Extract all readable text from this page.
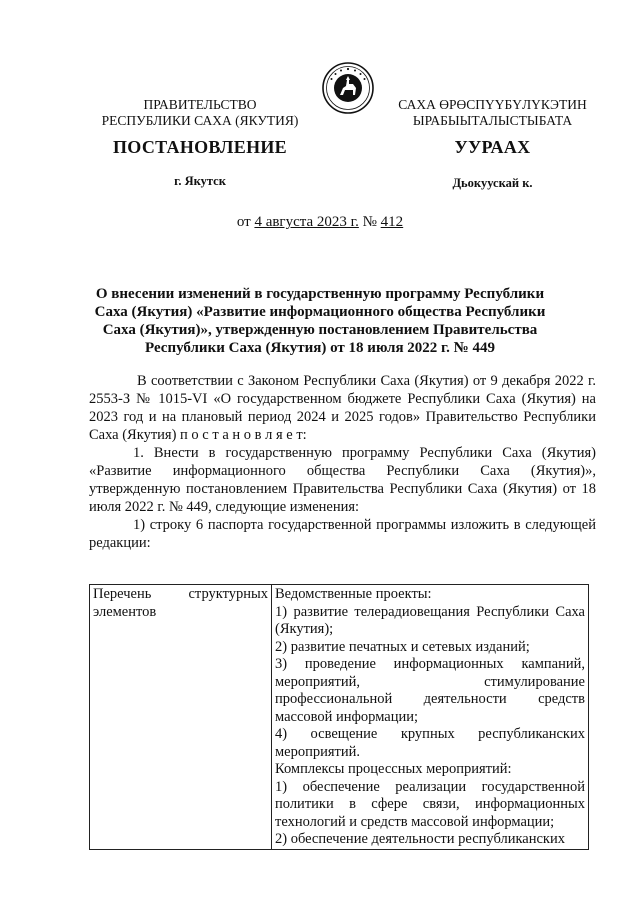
ПРАВИТЕЛЬСТВО
РЕСПУБЛИКИ САХА (ЯКУТИЯ)
САХА ӨРӨСПҮҮБҮЛҮКЭТИН
ЫРАБЫЫТАЛЫСТЫБАТА
ПОСТАНОВЛЕНИЕ	УУРААХ
г. Якутск	Дьокуускай к.
от 4 августа 2023 г. № 412
О внесении изменений в государственную программу Республики
Саха (Якутия) «Развитие информационного общества Республики
Саха (Якутия)», утвержденную постановлением Правительства
Республики Саха (Якутия) от 18 июля 2022 г. № 449

В соответствии с Законом Республики Саха (Якутия) от 9 декабря 2022 г. 2553-З № 1015-VI «О государственном бюджете Республики Саха (Якутия) на 2023 год и на плановый период 2024 и 2025 годов» Правительство Республики Саха (Якутия) п о с т а н о в л я е т:

1. Внести в государственную программу Республики Саха (Якутия) «Развитие информационного общества Республики Саха (Якутия)», утвержденную постановлением Правительства Республики Саха (Якутия) от 18 июля 2022 г. № 449, следующие изменения:

1) строку 6 паспорта государственной программы изложить в следующей редакции:

Перечень структурных элементов	
Ведомственные проекты:
1) развитие телерадиовещания Республики Саха (Якутия);
2) развитие печатных и сетевых изданий;
3) проведение информационных кампаний, мероприятий, стимулирование профессиональной деятельности средств массовой информации;
4) освещение крупных республиканских мероприятий.
Комплексы процессных мероприятий:
1) обеспечение реализации государственной политики в сфере связи, информационных технологий и средств массовой информации;
2) обеспечение деятельности республиканских
